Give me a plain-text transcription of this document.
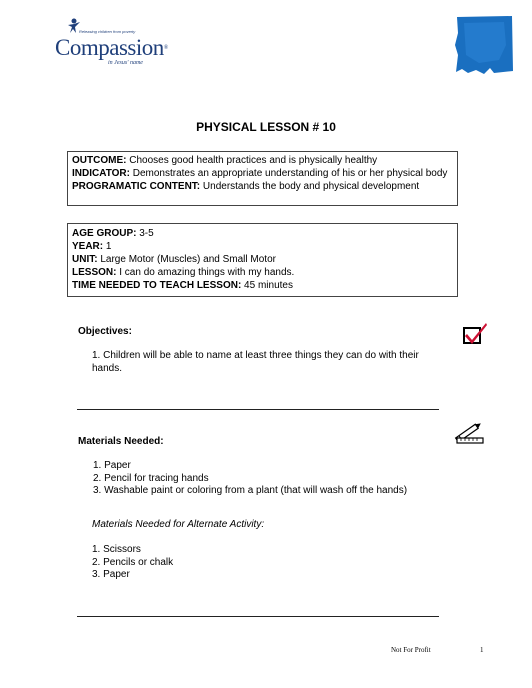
Releasing children from poverty
Compassion®
in Jesus' name
PHYSICAL LESSON # 10
OUTCOME: Chooses good health practices and is physically healthy
INDICATOR: Demonstrates an appropriate understanding of his or her physical body
PROGRAMATIC CONTENT: Understands the body and physical development
AGE GROUP: 3-5
YEAR: 1
UNIT: Large Motor (Muscles) and Small Motor
LESSON: I can do amazing things with my hands.
TIME NEEDED TO TEACH LESSON: 45 minutes
Objectives:
1. Children will be able to name at least three things they can do with their hands.
Materials Needed:
1. Paper
2. Pencil for tracing hands
3. Washable paint or coloring from a plant (that will wash off the hands)
Materials Needed for Alternate Activity:
1. Scissors
2. Pencils or chalk
3. Paper
Not For Profit	1
